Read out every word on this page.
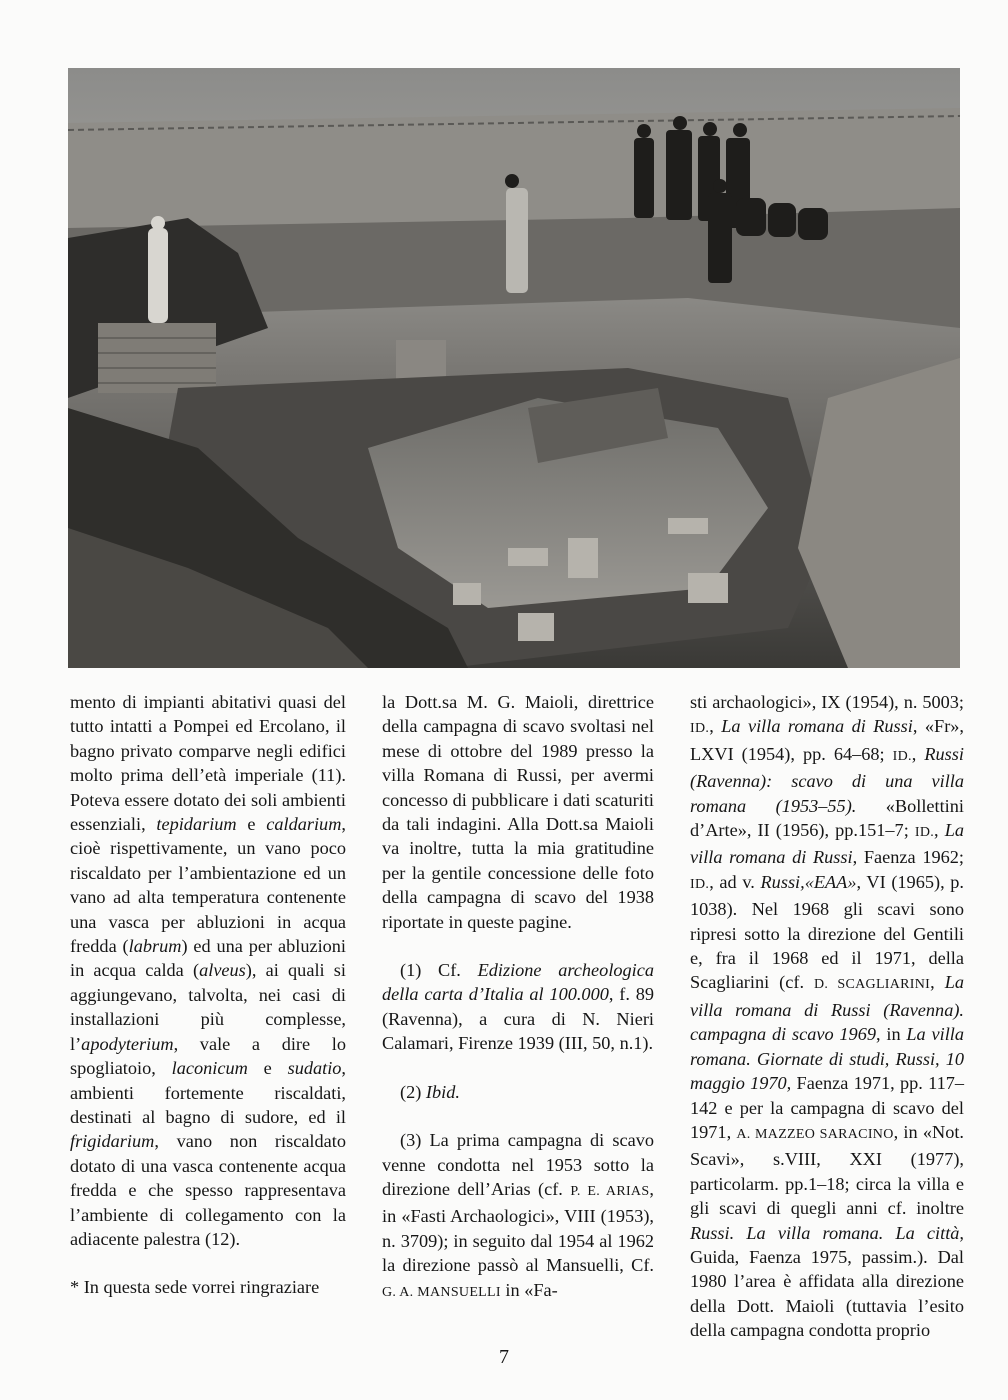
mento di impianti abitativi quasi del tutto intatti a Pompei ed Ercolano, il bagno privato comparve negli edifici molto prima dell’età imperiale (11). Poteva essere dotato dei soli ambienti essenziali, tepidarium e caldarium, cioè rispettivamente, un vano poco riscaldato per l’ambientazione ed un vano ad alta temperatura contenente una vasca per abluzioni in acqua fredda (labrum) ed una per abluzioni in acqua calda (alveus), ai quali si aggiungevano, talvolta, nei casi di installazioni più complesse, l’apodyterium, vale a dire lo spogliatoio, laconicum e sudatio, ambienti fortemente riscaldati, destinati al bagno di sudore, ed il frigidarium, vano non riscaldato dotato di una vasca contenente acqua fredda e che spesso rappresentava l’ambiente di collegamento con la adiacente palestra (12).

* In questa sede vorrei ringraziare

la Dott.sa M. G. Maioli, direttrice della campagna di scavo svoltasi nel mese di ottobre del 1989 presso la villa Romana di Russi, per avermi concesso di pubblicare i dati scaturiti da tali indagini. Alla Dott.sa Maioli va inoltre, tutta la mia gratitudine per la gentile concessione delle foto della campagna di scavo del 1938 riportate in queste pagine.

(1) Cf. Edizione archeologica della carta d’Italia al 100.000, f. 89 (Ravenna), a cura di N. Nieri Calamari, Firenze 1939 (III, 50, n.1).

(2) Ibid.

(3) La prima campagna di scavo venne condotta nel 1953 sotto la direzione dell’Arias (cf. P. E. ARIAS, in «Fasti Archaologici», VIII (1953), n. 3709); in seguito dal 1954 al 1962 la direzione passò al Mansuelli, Cf. G. A. MANSUELLI in «Fa-

sti archaologici», IX (1954), n. 5003; ID., La villa romana di Russi, «Fr», LXVI (1954), pp. 64–68; ID., Russi (Ravenna): scavo di una villa romana (1953–55). «Bollettini d’Arte», II (1956), pp.151–7; ID., La villa romana di Russi, Faenza 1962; ID., ad v. Russi,«EAA», VI (1965), p. 1038). Nel 1968 gli scavi sono ripresi sotto la direzione del Gentili e, fra il 1968 ed il 1971, della Scagliarini (cf. D. SCAGLIARINI, La villa romana di Russi (Ravenna). campagna di scavo 1969, in La villa romana. Giornate di studi, Russi, 10 maggio 1970, Faenza 1971, pp. 117–142 e per la campagna di scavo del 1971, A. MAZZEO SARACINO, in «Not. Scavi», s.VIII, XXI (1977), particolarm. pp.1–18; circa la villa e gli scavi di quegli anni cf. inoltre Russi. La villa romana. La città, Guida, Faenza 1975, passim.). Dal 1980 l’area è affidata alla direzione della Dott. Maioli (tuttavia l’esito della campagna condotta proprio

7
